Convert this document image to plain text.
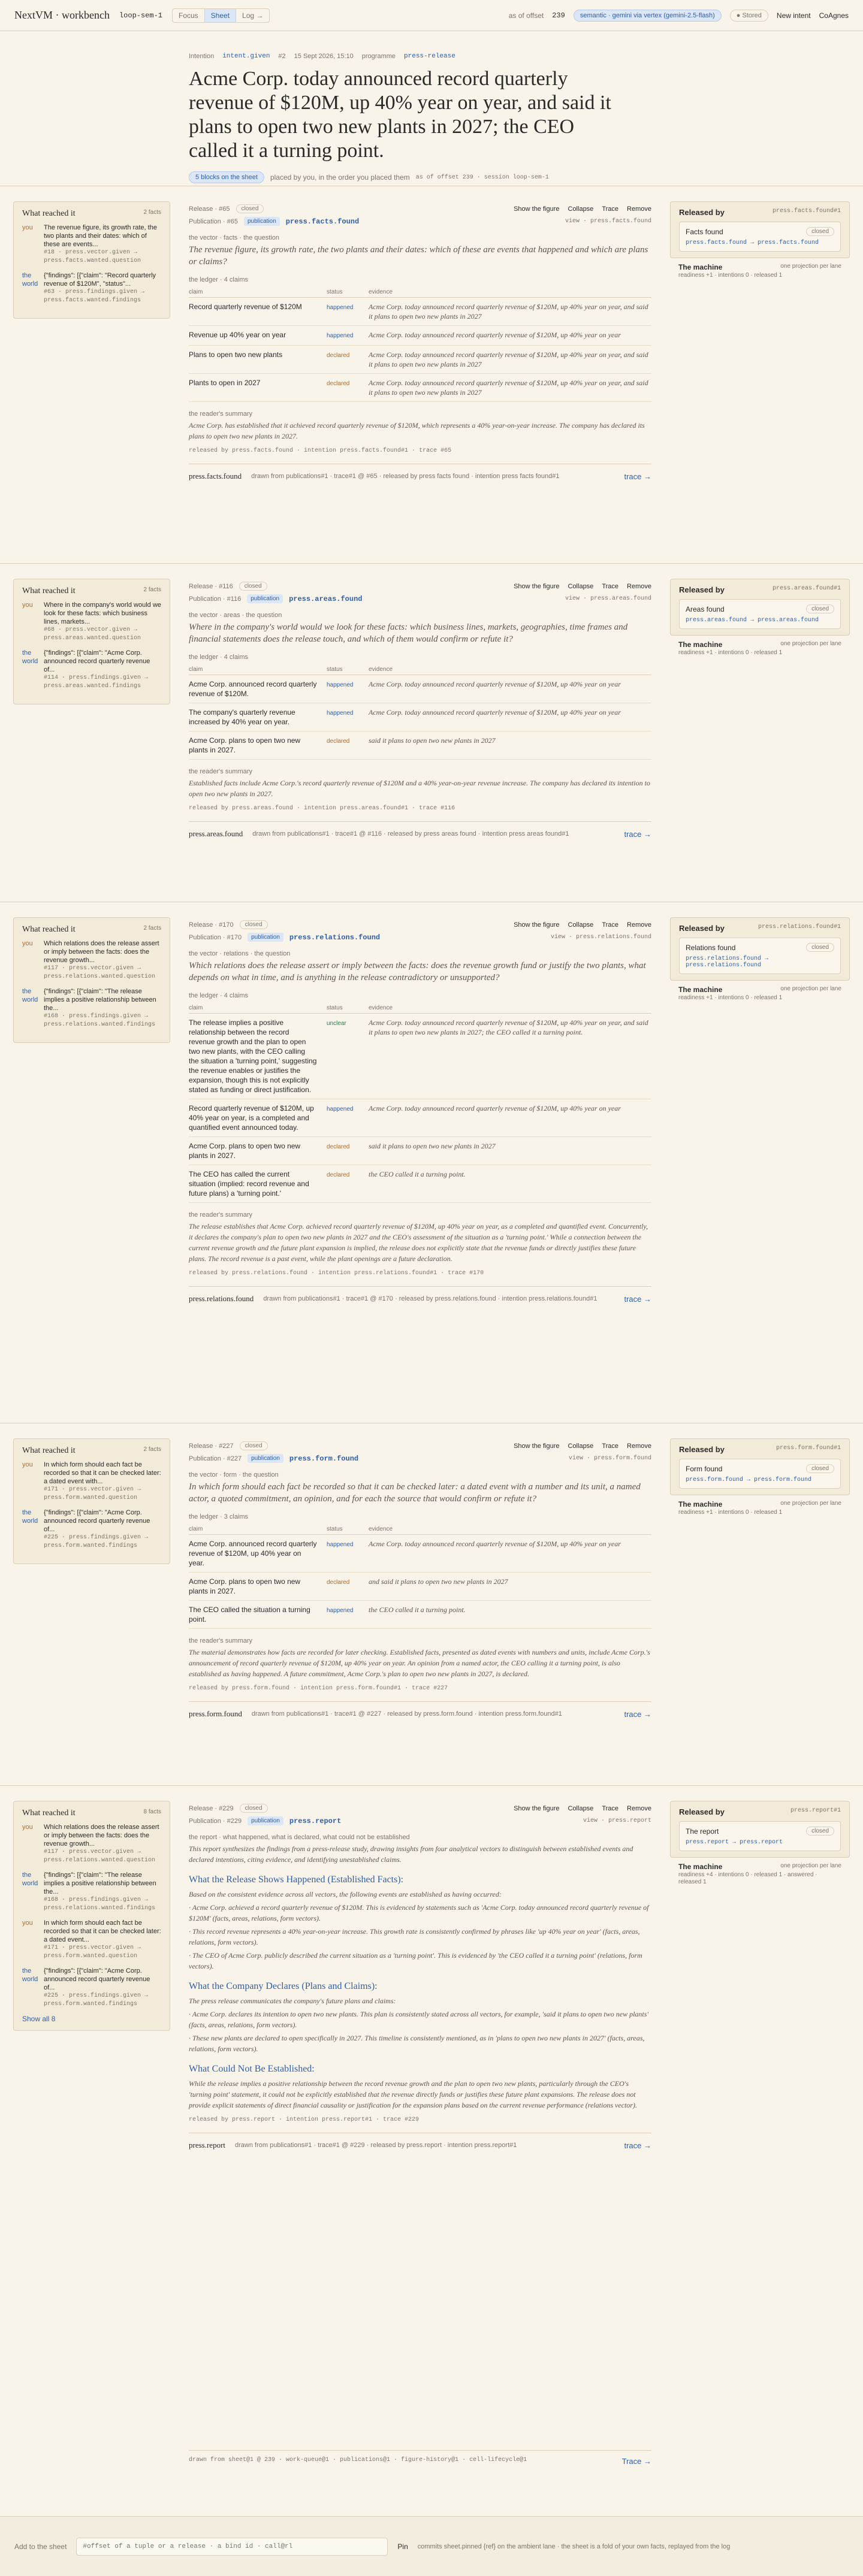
NextVM · workbench loop-sem-1	Focus	Sheet	Log →	as of offset 239	semantic · gemini via vertex (gemini-2.5-flash)	● Stored	New intent CoAgnes
Intention intent.given #2 15 Sept 2026, 15:10 programme press-release
Acme Corp. today announced record quarterly revenue of $120M, up 40% year on year, and said it plans to open two new plants in 2027; the CEO called it a turning point.
5 blocks on the sheet	placed by you, in the order you placed them as of offset 239 · session loop-sem-1
What reached it	2 facts
you	The revenue figure, its growth rate, the two plants and their dates: which of these are events...
#18 · press.vector.given → press.facts.wanted.question
the world
{"findings": [{"claim": "Record quarterly revenue of $120M", "status"...
#63 · press.findings.given → press.facts.wanted.findings
Release · #65	closed	Show the figure Collapse Trace Remove
Publication · #65	publication	press.facts.found	view · press.facts.found
the vector · facts · the question
The revenue figure, its growth rate, the two plants and their dates: which of these are events that happened and which are plans or claims?
the ledger · 4 claims
claim	status	evidence
Record quarterly revenue of $120M	happened	Acme Corp. today announced record quarterly revenue of $120M, up 40% year on year, and said it plans to open two new plants in 2027
Revenue up 40% year on year	happened	Acme Corp. today announced record quarterly revenue of $120M, up 40% year on year
Plans to open two new plants	declared	Acme Corp. today announced record quarterly revenue of $120M, up 40% year on year, and said it plans to open two new plants in 2027
Plants to open in 2027	declared	Acme Corp. today announced record quarterly revenue of $120M, up 40% year on year, and said it plans to open two new plants in 2027
the reader's summary
Acme Corp. has established that it achieved record quarterly revenue of $120M, which represents a 40% year-on-year increase. The company has declared its plans to open two new plants in 2027.
released by press.facts.found · intention press.facts.found#1 · trace #65
press.facts.found drawn from publications#1 · trace#1 @ #65 · released by press facts found · intention press facts found#1	trace →
Released by	press.facts.found#1
Facts found	closed
press.facts.found → press.facts.found
The machine	one projection per lane
readiness +1 · intentions 0 · released 1
What reached it	2 facts
you	Where in the company's world would we look for these facts: which business lines, markets...
#68 · press.vector.given → press.areas.wanted.question
the world
{"findings": [{"claim": "Acme Corp. announced record quarterly revenue of...
#114 · press.findings.given → press.areas.wanted.findings
Release · #116	closed	Show the figure Collapse Trace Remove
Publication · #116	publication	press.areas.found	view · press.areas.found
the vector · areas · the question
Where in the company's world would we look for these facts: which business lines, markets, geographies, time frames and financial statements does the release touch, and which of them would confirm or refute it?
the ledger · 4 claims
claim	status	evidence
Acme Corp. announced record quarterly revenue of $120M.	happened	Acme Corp. today announced record quarterly revenue of $120M, up 40% year on year
The company's quarterly revenue increased by 40% year on year.	happened	Acme Corp. today announced record quarterly revenue of $120M, up 40% year on year
Acme Corp. plans to open two new plants in 2027.	declared	said it plans to open two new plants in 2027
the reader's summary
Established facts include Acme Corp.'s record quarterly revenue of $120M and a 40% year-on-year revenue increase. The company has declared its intention to open two new plants in 2027.
released by press.areas.found · intention press.areas.found#1 · trace #116
press.areas.found drawn from publications#1 · trace#1 @ #116 · released by press areas found · intention press areas found#1	trace →
Released by	press.areas.found#1
Areas found	closed
press.areas.found → press.areas.found
The machine	one projection per lane
readiness +1 · intentions 0 · released 1
What reached it	2 facts
you	Which relations does the release assert or imply between the facts: does the revenue growth...
#117 · press.vector.given → press.relations.wanted.question
the world
{"findings": [{"claim": "The release implies a positive relationship between the...
#168 · press.findings.given → press.relations.wanted.findings
Release · #170	closed	Show the figure Collapse Trace Remove
Publication · #170	publication	press.relations.found	view · press.relations.found
the vector · relations · the question
Which relations does the release assert or imply between the facts: does the revenue growth fund or justify the two plants, what depends on what in time, and is anything in the release contradictory or unsupported?
the ledger · 4 claims
claim	status	evidence
The release implies a positive relationship between the record revenue growth and the plan to open two new plants, with the CEO calling the situation a 'turning point,' suggesting the revenue enables or justifies the expansion, though this is not explicitly stated as funding or direct justification.	unclear	Acme Corp. today announced record quarterly revenue of $120M, up 40% year on year, and said it plans to open two new plants in 2027; the CEO called it a turning point.
Record quarterly revenue of $120M, up 40% year on year, is a completed and quantified event announced today.	happened	Acme Corp. today announced record quarterly revenue of $120M, up 40% year on year
Acme Corp. plans to open two new plants in 2027.	declared	said it plans to open two new plants in 2027
The CEO has called the current situation (implied: record revenue and future plans) a 'turning point.'	declared	the CEO called it a turning point.
the reader's summary
The release establishes that Acme Corp. achieved record quarterly revenue of $120M, up 40% year on year, as a completed and quantified event. Concurrently, it declares the company's plan to open two new plants in 2027 and the CEO's assessment of the situation as a 'turning point.' While a connection between the current revenue growth and the future plant expansion is implied, the release does not explicitly state that the revenue funds or directly justifies these future plans. The record revenue is a past event, while the plant openings are a future declaration.
released by press.relations.found · intention press.relations.found#1 · trace #170
press.relations.found drawn from publications#1 · trace#1 @ #170 · released by press.relations.found · intention press.relations.found#1	trace →
Released by	press.relations.found#1
Relations found	closed
press.relations.found → press.relations.found
The machine	one projection per lane
readiness +1 · intentions 0 · released 1
What reached it	2 facts
you	In which form should each fact be recorded so that it can be checked later: a dated event with...
#171 · press.vector.given → press.form.wanted.question
the world
{"findings": [{"claim": "Acme Corp. announced record quarterly revenue of...
#225 · press.findings.given → press.form.wanted.findings
Release · #227	closed	Show the figure Collapse Trace Remove
Publication · #227	publication	press.form.found	view · press.form.found
the vector · form · the question
In which form should each fact be recorded so that it can be checked later: a dated event with a number and its unit, a named actor, a quoted commitment, an opinion, and for each the source that would confirm or refute it?
the ledger · 3 claims
claim	status	evidence
Acme Corp. announced record quarterly revenue of $120M, up 40% year on year.	happened	Acme Corp. today announced record quarterly revenue of $120M, up 40% year on year
Acme Corp. plans to open two new plants in 2027.	declared	and said it plans to open two new plants in 2027
The CEO called the situation a turning point.	happened	the CEO called it a turning point.
the reader's summary
The material demonstrates how facts are recorded for later checking. Established facts, presented as dated events with numbers and units, include Acme Corp.'s announcement of record quarterly revenue of $120M, up 40% year on year. An opinion from a named actor, the CEO calling it a turning point, is also established as having happened. A future commitment, Acme Corp.'s plan to open two new plants in 2027, is declared.
released by press.form.found · intention press.form.found#1 · trace #227
press.form.found drawn from publications#1 · trace#1 @ #227 · released by press.form.found · intention press.form.found#1	trace →
Released by	press.form.found#1
Form found	closed
press.form.found → press.form.found
The machine	one projection per lane
readiness +1 · intentions 0 · released 1
What reached it	8 facts
you	Which relations does the release assert or imply between the facts: does the revenue growth...
#117 · press.vector.given → press.relations.wanted.question
the world
{"findings": [{"claim": "The release implies a positive relationship between the...
#168 · press.findings.given → press.relations.wanted.findings
you	In which form should each fact be recorded so that it can be checked later: a dated event...
#171 · press.vector.given → press.form.wanted.question
the world
{"findings": [{"claim": "Acme Corp. announced record quarterly revenue of...
#225 · press.findings.given → press.form.wanted.findings
Show all 8
Release · #229	closed	Show the figure Collapse Trace Remove
Publication · #229	publication	press.report	view · press.report
the report · what happened, what is declared, what could not be established

This report synthesizes the findings from a press-release study, drawing insights from four analytical vectors to distinguish between established events and declared intentions, citing evidence, and identifying unestablished claims.

What the Release Shows Happened (Established Facts):

Based on the consistent evidence across all vectors, the following events are established as having occurred:

· Acme Corp. achieved a record quarterly revenue of $120M. This is evidenced by statements such as 'Acme Corp. today announced record quarterly revenue of $120M' (facts, areas, relations, form vectors).

· This record revenue represents a 40% year-on-year increase. This growth rate is consistently confirmed by phrases like 'up 40% year on year' (facts, areas, relations, form vectors).

· The CEO of Acme Corp. publicly described the current situation as a 'turning point'. This is evidenced by 'the CEO called it a turning point' (relations, form vectors).

What the Company Declares (Plans and Claims):

The press release communicates the company's future plans and claims:

· Acme Corp. declares its intention to open two new plants. This plan is consistently stated across all vectors, for example, 'said it plans to open two new plants' (facts, areas, relations, form vectors).

· These new plants are declared to open specifically in 2027. This timeline is consistently mentioned, as in 'plans to open two new plants in 2027' (facts, areas, relations, form vectors).

What Could Not Be Established:

While the release implies a positive relationship between the record revenue growth and the plan to open two new plants, particularly through the CEO's 'turning point' statement, it could not be explicitly established that the revenue directly funds or justifies these future plant expansions. The release does not provide explicit statements of direct financial causality or justification for the expansion plans based on the current revenue performance (relations vector).

released by press.report · intention press.report#1 · trace #229
press.report drawn from publications#1 · trace#1 @ #229 · released by press.report · intention press.report#1	trace →
Released by	press.report#1
The report	closed
press.report → press.report
The machine	one projection per lane
readiness +4 · intentions 0 · released 1 · answered · released 1
drawn from sheet@1 @ 239 · work-queue@1 · publications@1 · figure-history@1 · cell-lifecycle@1	Trace →
Add to the sheet
#offset of a tuple or a release · a bind id · call@rl	Pin commits sheet.pinned {ref} on the ambient lane · the sheet is a fold of your own facts, replayed from the log
